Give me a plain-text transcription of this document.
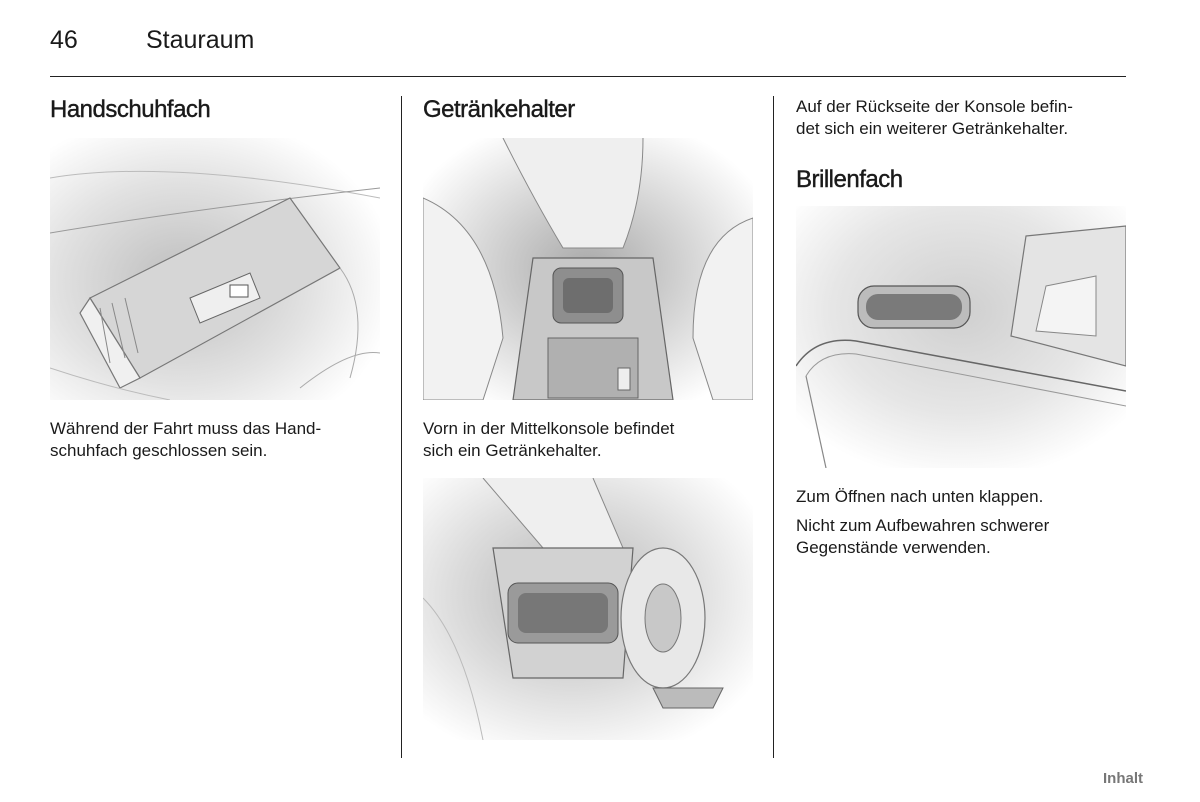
46	Stauraum
Handschuhfach

Während der Fahrt muss das Hand-
schuhfach geschlossen sein.

Getränkehalter

Vorn in der Mittelkonsole befindet
sich ein Getränkehalter.

Auf der Rückseite der Konsole befin-
det sich ein weiterer Getränkehalter.

Brillenfach

Zum Öffnen nach unten klappen.

Nicht zum Aufbewahren schwerer
Gegenstände verwenden.

Inhalt
